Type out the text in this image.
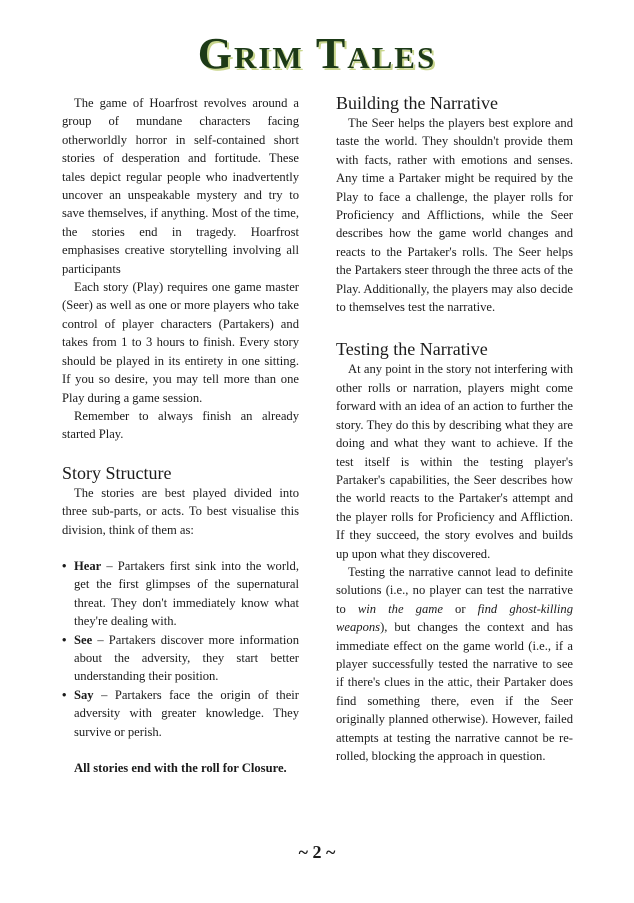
Grim Tales

The game of Hoarfrost revolves around a group of mundane characters facing otherworldly horror in self-contained short stories of desperation and fortitude. These tales depict regular people who inadvertently uncover an unspeakable mystery and try to save themselves, if anything. Most of the time, the stories end in tragedy. Hoarfrost emphasises creative storytelling involving all participants

Each story (Play) requires one game master (Seer) as well as one or more players who take control of player characters (Partakers) and takes from 1 to 3 hours to finish. Every story should be played in its entirety in one sitting. If you so desire, you may tell more than one Play during a game session.

Remember to always finish an already started Play.

Story Structure

The stories are best played divided into three sub-parts, or acts. To best visualise this division, think of them as:

• Hear – Partakers first sink into the world, get the first glimpses of the supernatural threat. They don't immediately know what they're dealing with.
• See – Partakers discover more information about the adversity, they start better understanding their position.
• Say – Partakers face the origin of their adversity with greater knowledge. They survive or perish.

All stories end with the roll for Closure.

Building the Narrative

The Seer helps the players best explore and taste the world. They shouldn't provide them with facts, rather with emotions and senses. Any time a Partaker might be required by the Play to face a challenge, the player rolls for Proficiency and Afflictions, while the Seer describes how the game world changes and reacts to the Partaker's rolls. The Seer helps the Partakers steer through the three acts of the Play. Additionally, the players may also decide to themselves test the narrative.

Testing the Narrative

At any point in the story not interfering with other rolls or narration, players might come forward with an idea of an action to further the story. They do this by describing what they are doing and what they want to achieve. If the test itself is within the testing player's Partaker's capabilities, the Seer describes how the world reacts to the Partaker's attempt and the player rolls for Proficiency and Affliction. If they succeed, the story evolves and builds up upon what they discovered.

Testing the narrative cannot lead to definite solutions (i.e., no player can test the narrative to win the game or find ghost-killing weapons), but changes the context and has immediate effect on the game world (i.e., if a player successfully tested the narrative to see if there's clues in the attic, their Partaker does find something there, even if the Seer originally planned otherwise). However, failed attempts at testing the narrative cannot be re-rolled, blocking the approach in question.

~ 2 ~
